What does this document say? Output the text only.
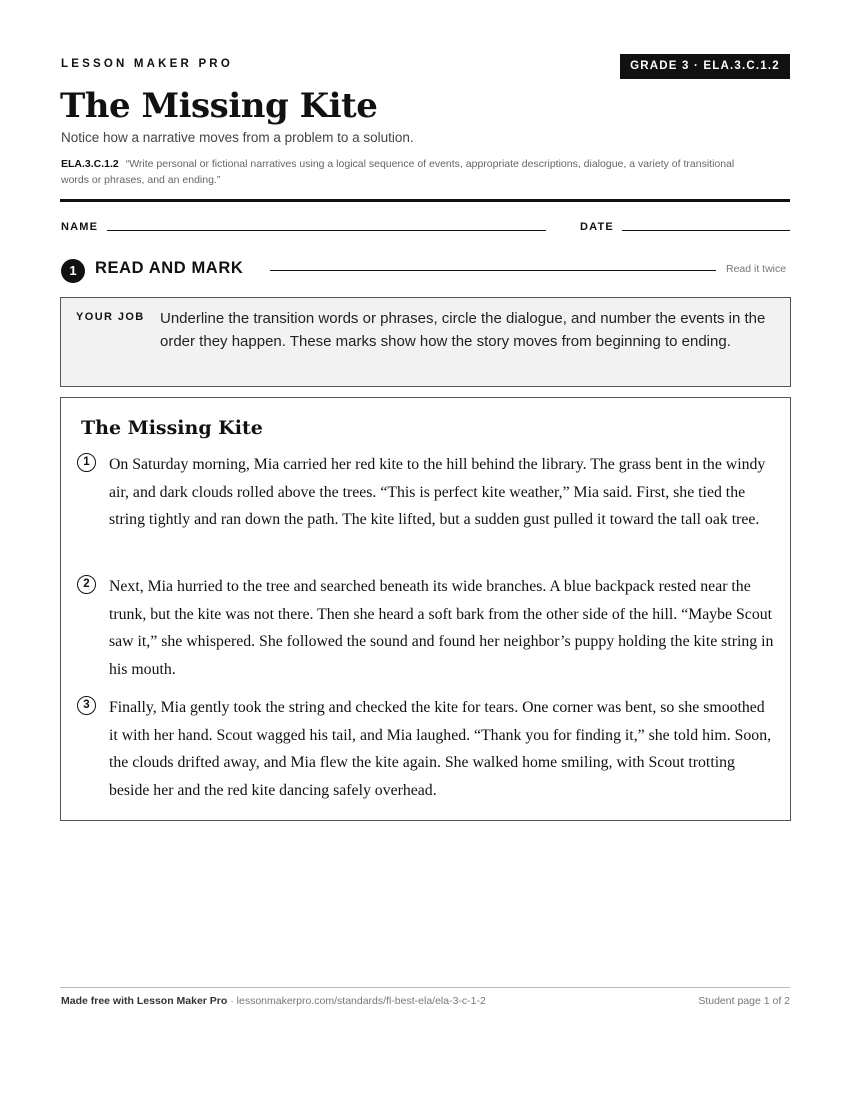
LESSON MAKER PRO	GRADE 3 · ELA.3.C.1.2
The Missing Kite
Notice how a narrative moves from a problem to a solution.
ELA.3.C.1.2 “Write personal or fictional narratives using a logical sequence of events, appropriate descriptions, dialogue, a variety of transitional words or phrases, and an ending.”
NAME	DATE
1	READ AND MARK	Read it twice
YOUR JOB Underline the transition words or phrases, circle the dialogue, and number the events in the order they happen. These marks show how the story moves from beginning to ending.
The Missing Kite
1	On Saturday morning, Mia carried her red kite to the hill behind the library. The grass bent in the windy air, and dark clouds rolled above the trees. “This is perfect kite weather,” Mia said. First, she tied the string tightly and ran down the path. The kite lifted, but a sudden gust pulled it toward the tall oak tree.
2	Next, Mia hurried to the tree and searched beneath its wide branches. A blue backpack rested near the trunk, but the kite was not there. Then she heard a soft bark from the other side of the hill. “Maybe Scout saw it,” she whispered. She followed the sound and found her neighbor’s puppy holding the kite string in his mouth.
3	Finally, Mia gently took the string and checked the kite for tears. One corner was bent, so she smoothed it with her hand. Scout wagged his tail, and Mia laughed. “Thank you for finding it,” she told him. Soon, the clouds drifted away, and Mia flew the kite again. She walked home smiling, with Scout trotting beside her and the red kite dancing safely overhead.
Made free with Lesson Maker Pro · lessonmakerpro.com/standards/fl-best-ela/ela-3-c-1-2	Student page 1 of 2
